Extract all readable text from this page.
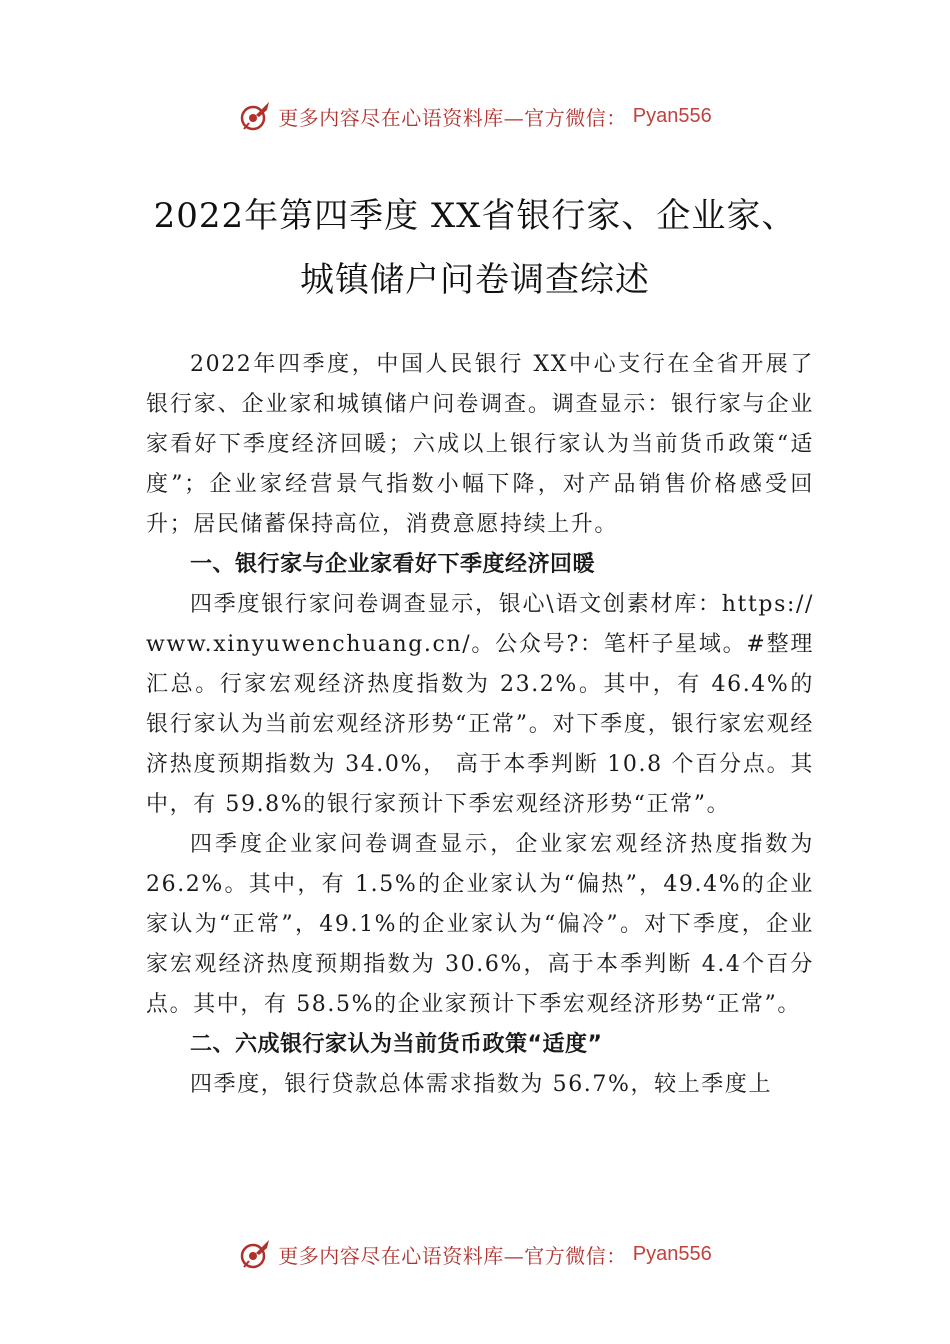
更多内容尽在心语资料库—官方微信： Pyan556
2022年第四季度 XX省银行家、企业家、
城镇储户问卷调查综述

2022年四季度，中国人民银行 XX中心支行在全省开展了银行家、企业家和城镇储户问卷调查。调查显示：银行家与企业家看好下季度经济回暖；六成以上银行家认为当前货币政策“适度”；企业家经营景气指数小幅下降，对产品销售价格感受回升；居民储蓄保持高位，消费意愿持续上升。

一、银行家与企业家看好下季度经济回暖

四季度银行家问卷调查显示，银心\语文创素材库：https://www.xinyuwenchuang.cn/。公众号?：笔杆子星域。#整理汇总。行家宏观经济热度指数为 23.2%。其中，有 46.4%的银行家认为当前宏观经济形势“正常”。对下季度，银行家宏观经济热度预期指数为 34.0%， 高于本季判断 10.8 个百分点。其中，有 59.8%的银行家预计下季宏观经济形势“正常”。

四季度企业家问卷调查显示，企业家宏观经济热度指数为 26.2%。其中，有 1.5%的企业家认为“偏热”，49.4%的企业家认为“正常”，49.1%的企业家认为“偏冷”。对下季度，企业家宏观经济热度预期指数为 30.6%，高于本季判断 4.4个百分点。其中，有 58.5%的企业家预计下季宏观经济形势“正常”。

二、六成银行家认为当前货币政策“适度”

四季度，银行贷款总体需求指数为 56.7%，较上季度上

更多内容尽在心语资料库—官方微信： Pyan556
